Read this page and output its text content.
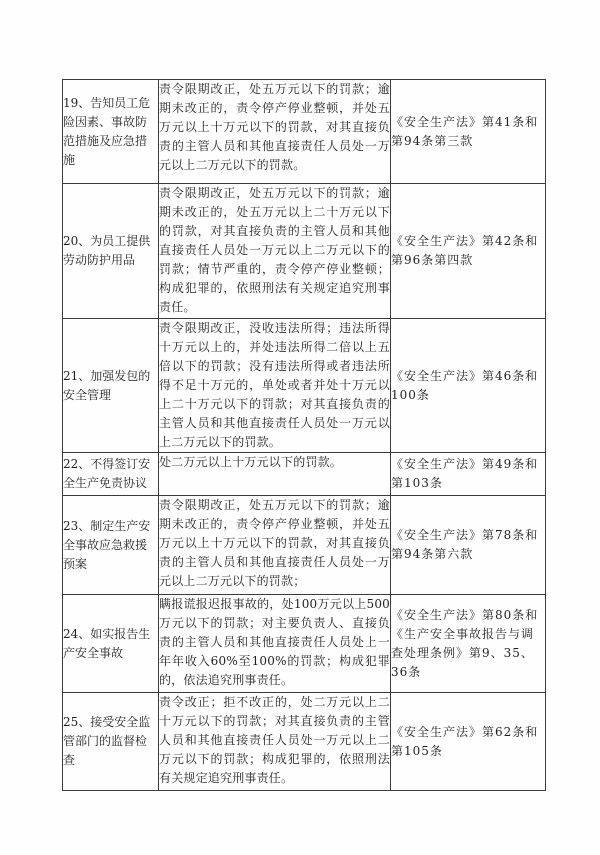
19、告知员工危险因素、事故防范措施及应急措施	责令限期改正，处五万元以下的罚款；逾期未改正的，责令停产停业整顿，并处五万元以上十万元以下的罚款，对其直接负责的主管人员和其他直接责任人员处一万元以上二万元以下的罚款。	《安全生产法》第41条和第94条第三款
20、为员工提供劳动防护用品	责令限期改正，处五万元以下的罚款；逾期未改正的，处五万元以上二十万元以下的罚款，对其直接负责的主管人员和其他直接责任人员处一万元以上二万元以下的罚款；情节严重的，责令停产停业整顿；构成犯罪的，依照刑法有关规定追究刑事责任。	《安全生产法》第42条和第96条第四款
21、加强发包的安全管理	责令限期改正，没收违法所得；违法所得十万元以上的，并处违法所得二倍以上五倍以下的罚款；没有违法所得或者违法所得不足十万元的，单处或者并处十万元以上二十万元以下的罚款；对其直接负责的主管人员和其他直接责任人员处一万元以上二万元以下的罚款。	《安全生产法》第46条和100条
22、不得签订安全生产免责协议	处二万元以上十万元以下的罚款。	《安全生产法》第49条和第103条
23、制定生产安全事故应急救援预案	责令限期改正，处五万元以下的罚款；逾期未改正的，责令停产停业整顿，并处五万元以上十万元以下的罚款，对其直接负责的主管人员和其他直接责任人员处一万元以上二万元以下的罚款；	《安全生产法》第78条和第94条第六款
24、如实报告生产安全事故	瞒报谎报迟报事故的，处100万元以上500万元以下的罚款；对主要负责人、直接负责的主管人员和其他直接责任人员处上一年年收入60%至100%的罚款；构成犯罪的，依法追究刑事责任。	《安全生产法》第80条和《生产安全事故报告与调查处理条例》第9、35、36条
25、接受安全监管部门的监督检查	责令改正；拒不改正的，处二万元以上二十万元以下的罚款；对其直接负责的主管人员和其他直接责任人员处一万元以上二万元以下的罚款；构成犯罪的，依照刑法有关规定追究刑事责任。	《安全生产法》第62条和第105条
